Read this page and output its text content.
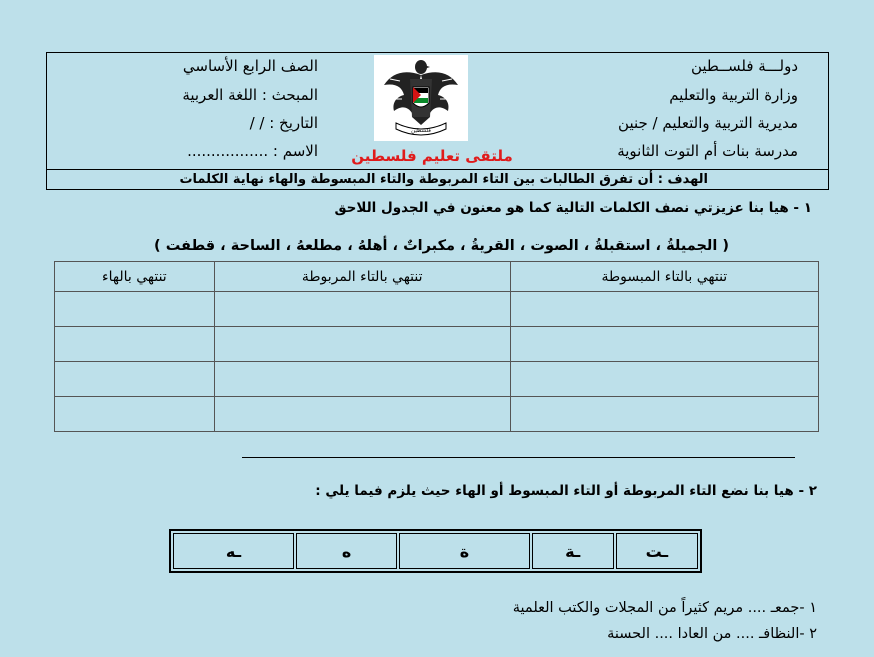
دولـــة فلســطين
وزارة التربية والتعليم
مديرية التربية والتعليم / جنين
مدرسة بنات أم التوت الثانوية
الصف الرابع الأساسي
المبحث : اللغة العربية
التاريخ : / /
الاسم : .................
فلسطين
ملتقى تعليم فلسطين
الهدف : أن تفرق الطالبات بين التاء المربوطة والتاء المبسوطة والهاء نهاية الكلمات
١ - هيا بنا عزيزتي نصف الكلمات التالية كما هو معنون في الجدول اللاحق
( الجميلةُ ، استقبلةُ ، الصوت ، القريةُ ، مكبراتٌ ، أهلهُ ، مطلعهُ ، الساحة ، قطفت )
تنتهي بالتاء المبسوطة	تنتهي بالتاء المربوطة	تنتهي بالهاء

٢ - هيا بنا نضع التاء المربوطة أو التاء المبسوط أو الهاء حيث يلزم فيما يلي :
ـت	ـة	ة	ه	ـه
١ -جمعـ .... مريم كثيراً من المجلات والكتب العلمية
٢ -النظافـ .... من العادا .... الحسنة
